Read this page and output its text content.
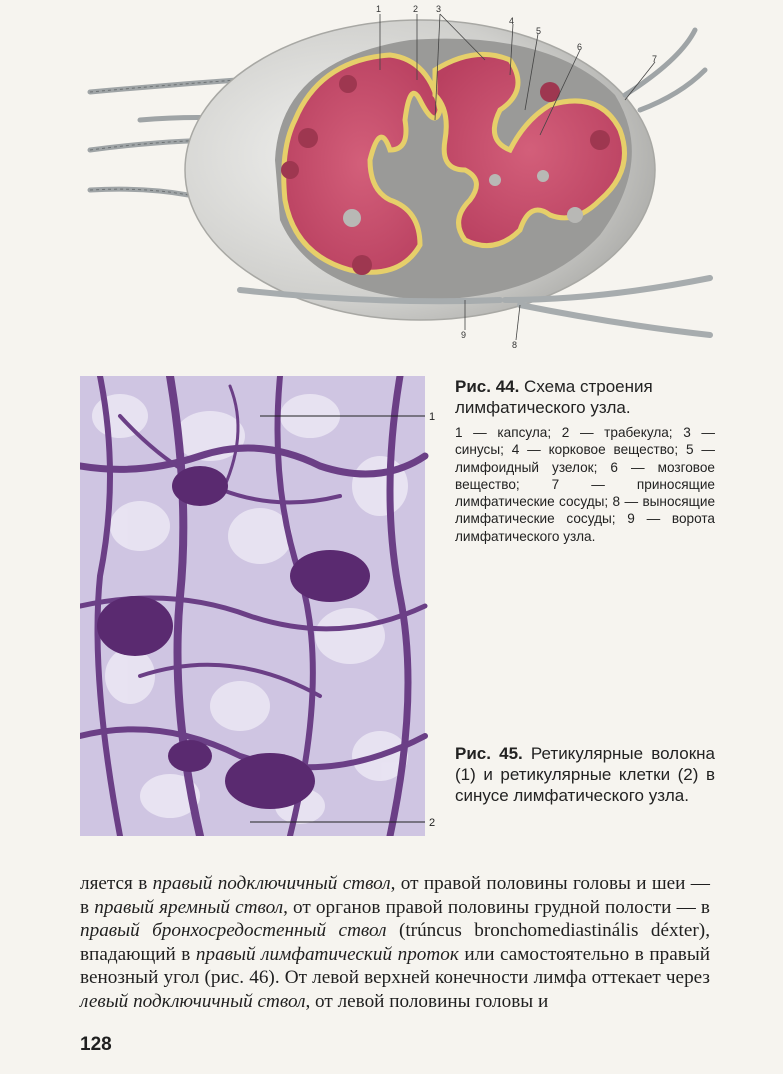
1	2 3
4
5
6
7
8
9
Рис. 44. Схема строения лимфатического узла.
1 — капсула; 2 — трабекула; 3 — синусы; 4 — корковое вещество; 5 — лимфоидный узелок; 6 — мозговое вещество; 7 — приносящие лимфатические сосуды; 8 — выносящие лимфатические сосуды; 9 — ворота лимфатического узла.
1
2
Рис. 45. Ретикулярные волокна (1) и ретикулярные клетки (2) в синусе лимфатического узла.

ляется в правый подключичный ствол, от правой половины головы и шеи — в правый яремный ствол, от органов правой половины грудной полости — в правый бронхосредостенный ствол (trúncus bronchomediastinális déxter), впадающий в правый лимфатический проток или самостоятельно в правый венозный угол (рис. 46). От левой верхней конечности лимфа оттекает через левый подключичный ствол, от левой половины головы и

128
